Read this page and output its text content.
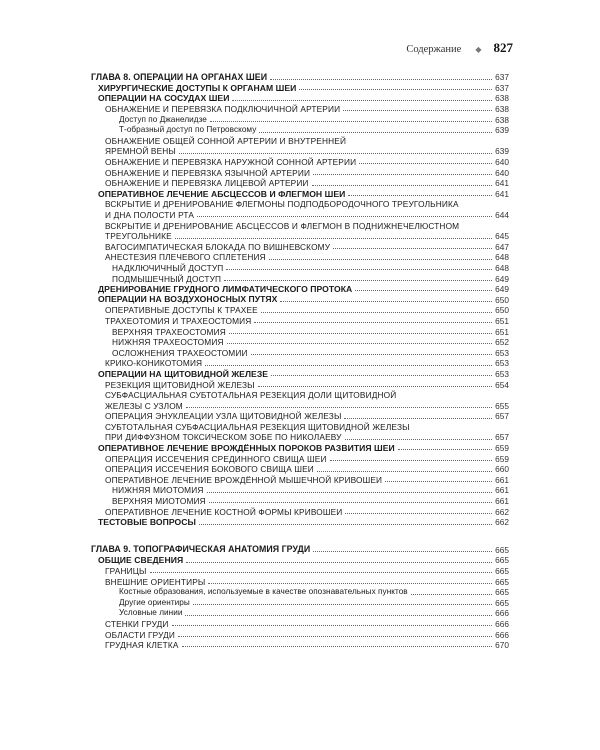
Содержание ◆ 827
ГЛАВА 8. ОПЕРАЦИИ НА ОРГАНАХ ШЕИ	637
ХИРУРГИЧЕСКИЕ ДОСТУПЫ К ОРГАНАМ ШЕИ	637
ОПЕРАЦИИ НА СОСУДАХ ШЕИ	638
ОБНАЖЕНИЕ И ПЕРЕВЯЗКА ПОДКЛЮЧИЧНОЙ АРТЕРИИ	638
Доступ по Джанелидзе	638
Т-образный доступ по Петровскому	639
ОБНАЖЕНИЕ ОБЩЕЙ СОННОЙ АРТЕРИИ И ВНУТРЕННЕЙ
ЯРЕМНОЙ ВЕНЫ	639
ОБНАЖЕНИЕ И ПЕРЕВЯЗКА НАРУЖНОЙ СОННОЙ АРТЕРИИ	640
ОБНАЖЕНИЕ И ПЕРЕВЯЗКА ЯЗЫЧНОЙ АРТЕРИИ	640
ОБНАЖЕНИЕ И ПЕРЕВЯЗКА ЛИЦЕВОЙ АРТЕРИИ	641
ОПЕРАТИВНОЕ ЛЕЧЕНИЕ АБСЦЕССОВ И ФЛЕГМОН ШЕИ	641
ВСКРЫТИЕ И ДРЕНИРОВАНИЕ ФЛЕГМОНЫ ПОДПОДБОРОДОЧНОГО ТРЕУГОЛЬНИКА
И ДНА ПОЛОСТИ РТА	644
ВСКРЫТИЕ И ДРЕНИРОВАНИЕ АБСЦЕССОВ И ФЛЕГМОН В ПОДНИЖНЕЧЕЛЮСТНОМ
ТРЕУГОЛЬНИКЕ	645
ВАГОСИМПАТИЧЕСКАЯ БЛОКАДА ПО ВИШНЕВСКОМУ	647
АНЕСТЕЗИЯ ПЛЕЧЕВОГО СПЛЕТЕНИЯ	648
НАДКЛЮЧИЧНЫЙ ДОСТУП	648
ПОДМЫШЕЧНЫЙ ДОСТУП	649
ДРЕНИРОВАНИЕ ГРУДНОГО ЛИМФАТИЧЕСКОГО ПРОТОКА	649
ОПЕРАЦИИ НА ВОЗДУХОНОСНЫХ ПУТЯХ	650
ОПЕРАТИВНЫЕ ДОСТУПЫ К ТРАХЕЕ	650
ТРАХЕОТОМИЯ И ТРАХЕОСТОМИЯ	651
ВЕРХНЯЯ ТРАХЕОСТОМИЯ	651
НИЖНЯЯ ТРАХЕОСТОМИЯ	652
ОСЛОЖНЕНИЯ ТРАХЕОСТОМИИ	653
КРИКО-КОНИКОТОМИЯ	653
ОПЕРАЦИИ НА ЩИТОВИДНОЙ ЖЕЛЕЗЕ	653
РЕЗЕКЦИЯ ЩИТОВИДНОЙ ЖЕЛЕЗЫ	654
СУБФАСЦИАЛЬНАЯ СУБТОТАЛЬНАЯ РЕЗЕКЦИЯ ДОЛИ ЩИТОВИДНОЙ
ЖЕЛЕЗЫ С УЗЛОМ	655
ОПЕРАЦИЯ ЭНУКЛЕАЦИИ УЗЛА ЩИТОВИДНОЙ ЖЕЛЕЗЫ	657
СУБТОТАЛЬНАЯ СУБФАСЦИАЛЬНАЯ РЕЗЕКЦИЯ ЩИТОВИДНОЙ ЖЕЛЕЗЫ
ПРИ ДИФФУЗНОМ ТОКСИЧЕСКОМ ЗОБЕ ПО НИКОЛАЕВУ	657
ОПЕРАТИВНОЕ ЛЕЧЕНИЕ ВРОЖДЁННЫХ ПОРОКОВ РАЗВИТИЯ ШЕИ	659
ОПЕРАЦИЯ ИССЕЧЕНИЯ СРЕДИННОГО СВИЩА ШЕИ	659
ОПЕРАЦИЯ ИССЕЧЕНИЯ БОКОВОГО СВИЩА ШЕИ	660
ОПЕРАТИВНОЕ ЛЕЧЕНИЕ ВРОЖДЁННОЙ МЫШЕЧНОЙ КРИВОШЕИ	661
НИЖНЯЯ МИОТОМИЯ	661
ВЕРХНЯЯ МИОТОМИЯ	661
ОПЕРАТИВНОЕ ЛЕЧЕНИЕ КОСТНОЙ ФОРМЫ КРИВОШЕИ	662
ТЕСТОВЫЕ ВОПРОСЫ	662
ГЛАВА 9. ТОПОГРАФИЧЕСКАЯ АНАТОМИЯ ГРУДИ	665
ОБЩИЕ СВЕДЕНИЯ	665
ГРАНИЦЫ	665
ВНЕШНИЕ ОРИЕНТИРЫ	665
Костные образования, используемые в качестве опознавательных пунктов	665
Другие ориентиры	665
Условные линии	666
СТЕНКИ ГРУДИ	666
ОБЛАСТИ ГРУДИ	666
ГРУДНАЯ КЛЕТКА	670
